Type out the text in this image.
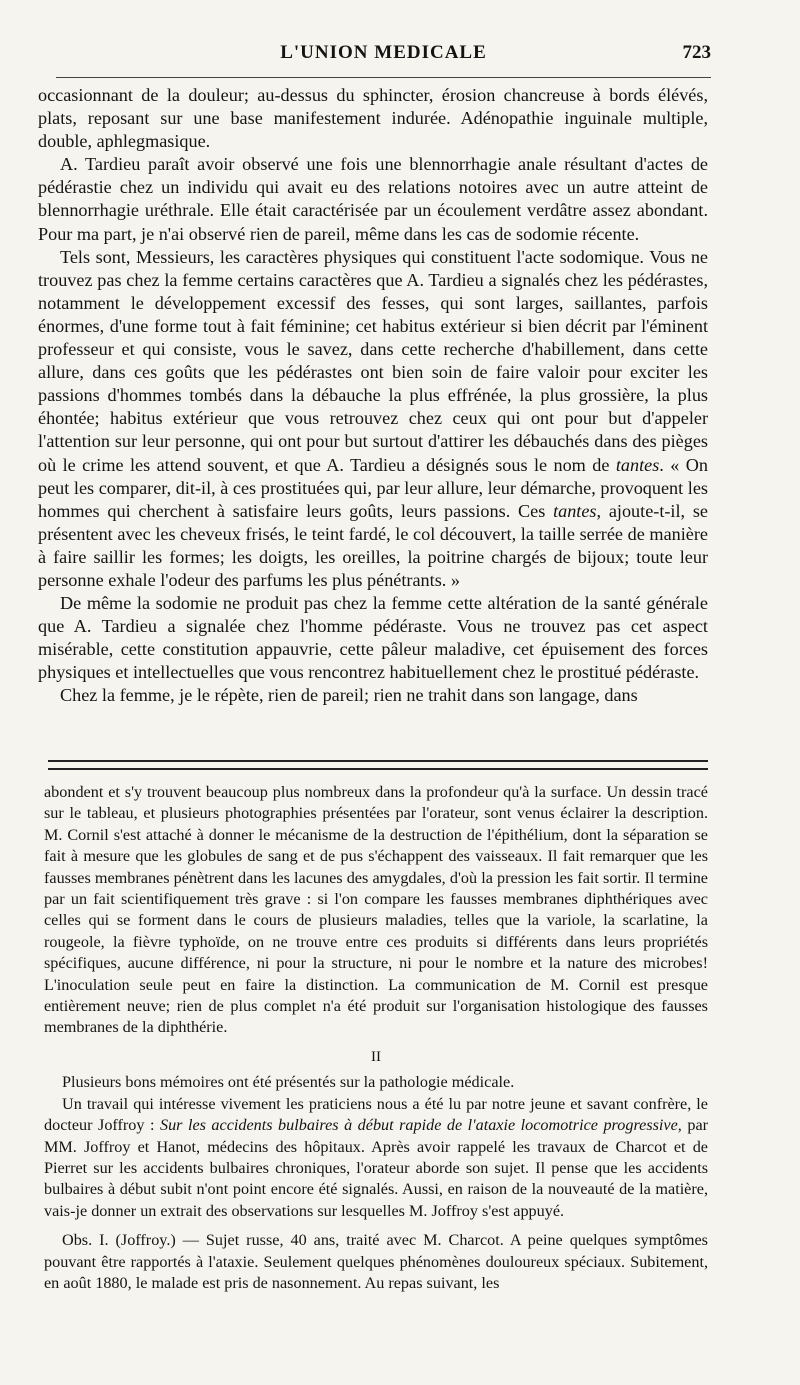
L'UNION MEDICALE	723

occasionnant de la douleur; au-dessus du sphincter, érosion chancreuse à bords élévés, plats, reposant sur une base manifestement indurée. Adénopathie inguinale multiple, double, aphlegmasique.

A. Tardieu paraît avoir observé une fois une blennorrhagie anale résultant d'actes de pédérastie chez un individu qui avait eu des relations notoires avec un autre atteint de blennorrhagie uréthrale. Elle était caractérisée par un écoulement verdâtre assez abondant. Pour ma part, je n'ai observé rien de pareil, même dans les cas de sodomie récente.

Tels sont, Messieurs, les caractères physiques qui constituent l'acte sodomique. Vous ne trouvez pas chez la femme certains caractères que A. Tardieu a signalés chez les pédérastes, notamment le développement excessif des fesses, qui sont larges, saillantes, parfois énormes, d'une forme tout à fait féminine; cet habitus extérieur si bien décrit par l'éminent professeur et qui consiste, vous le savez, dans cette recherche d'habillement, dans cette allure, dans ces goûts que les pédérastes ont bien soin de faire valoir pour exciter les passions d'hommes tombés dans la débauche la plus effrénée, la plus grossière, la plus éhontée; habitus extérieur que vous retrouvez chez ceux qui ont pour but d'appeler l'attention sur leur personne, qui ont pour but surtout d'attirer les débauchés dans des pièges où le crime les attend souvent, et que A. Tardieu a désignés sous le nom de tantes. « On peut les comparer, dit-il, à ces prostituées qui, par leur allure, leur démarche, provoquent les hommes qui cherchent à satisfaire leurs goûts, leurs passions. Ces tantes, ajoute-t-il, se présentent avec les cheveux frisés, le teint fardé, le col découvert, la taille serrée de manière à faire saillir les formes; les doigts, les oreilles, la poitrine chargés de bijoux; toute leur personne exhale l'odeur des parfums les plus pénétrants. »

De même la sodomie ne produit pas chez la femme cette altération de la santé générale que A. Tardieu a signalée chez l'homme pédéraste. Vous ne trouvez pas cet aspect misérable, cette constitution appauvrie, cette pâleur maladive, cet épuisement des forces physiques et intellectuelles que vous rencontrez habituellement chez le prostitué pédéraste.

Chez la femme, je le répète, rien de pareil; rien ne trahit dans son langage, dans

abondent et s'y trouvent beaucoup plus nombreux dans la profondeur qu'à la surface. Un dessin tracé sur le tableau, et plusieurs photographies présentées par l'orateur, sont venus éclairer la description. M. Cornil s'est attaché à donner le mécanisme de la destruction de l'épithélium, dont la séparation se fait à mesure que les globules de sang et de pus s'échappent des vaisseaux. Il fait remarquer que les fausses membranes pénètrent dans les lacunes des amygdales, d'où la pression les fait sortir. Il termine par un fait scientifiquement très grave : si l'on compare les fausses membranes diphthériques avec celles qui se forment dans le cours de plusieurs maladies, telles que la variole, la scarlatine, la rougeole, la fièvre typhoïde, on ne trouve entre ces produits si différents dans leurs propriétés spécifiques, aucune différence, ni pour la structure, ni pour le nombre et la nature des microbes! L'inoculation seule peut en faire la distinction. La communication de M. Cornil est presque entièrement neuve; rien de plus complet n'a été produit sur l'organisation histologique des fausses membranes de la diphthérie.

II

Plusieurs bons mémoires ont été présentés sur la pathologie médicale.

Un travail qui intéresse vivement les praticiens nous a été lu par notre jeune et savant confrère, le docteur Joffroy : Sur les accidents bulbaires à début rapide de l'ataxie locomotrice progressive, par MM. Joffroy et Hanot, médecins des hôpitaux. Après avoir rappelé les travaux de Charcot et de Pierret sur les accidents bulbaires chroniques, l'orateur aborde son sujet. Il pense que les accidents bulbaires à début subit n'ont point encore été signalés. Aussi, en raison de la nouveauté de la matière, vais-je donner un extrait des observations sur lesquelles M. Joffroy s'est appuyé.

Obs. I. (Joffroy.) — Sujet russe, 40 ans, traité avec M. Charcot. A peine quelques symptômes pouvant être rapportés à l'ataxie. Seulement quelques phénomènes douloureux spéciaux. Subitement, en août 1880, le malade est pris de nasonnement. Au repas suivant, les
